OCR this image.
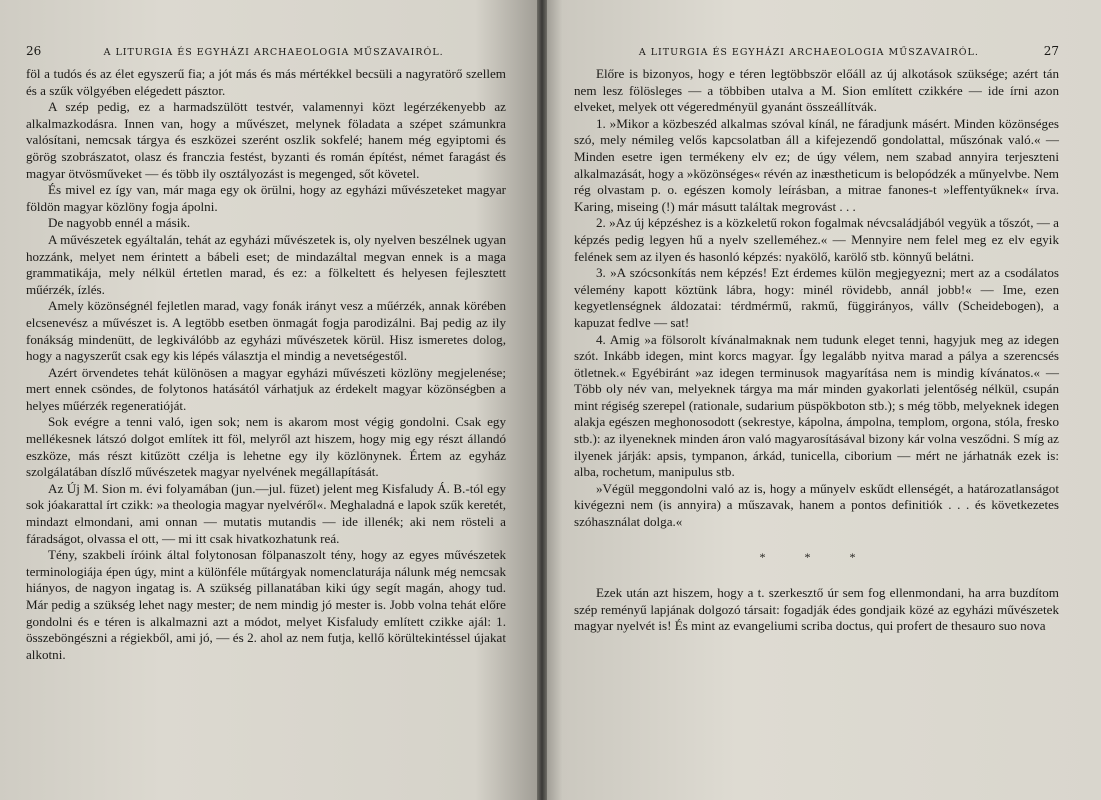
26	A LITURGIA ÉS EGYHÁZI ARCHAEOLOGIA MŰSZAVAIRÓL.

föl a tudós és az élet egyszerű fia; a jót más és más mértékkel becsüli a nagyratörő szellem és a szűk völgyében elégedett pásztor.

A szép pedig, ez a harmadszülött testvér, valamennyi közt legérzékenyebb az alkalmazkodásra. Innen van, hogy a művészet, melynek föladata a szépet számunkra valósítani, nemcsak tárgya és eszközei szerént oszlik sokfelé; hanem még egyiptomi és görög szobrászatot, olasz és franczia festést, byzanti és román építést, német faragást és magyar ötvösműveket — és több ily osztályozást is megenged, sőt követel.

És mivel ez így van, már maga egy ok örülni, hogy az egyházi művészeteket magyar földön magyar közlöny fogja ápolni.

De nagyobb ennél a másik.

A művészetek egyáltalán, tehát az egyházi művészetek is, oly nyelven beszélnek ugyan hozzánk, melyet nem érintett a bábeli eset; de mindazáltal megvan ennek is a maga grammatikája, mely nélkül értetlen marad, és ez: a fölkeltett és helyesen fejlesztett műérzék, ízlés.

Amely közönségnél fejletlen marad, vagy fonák irányt vesz a műérzék, annak körében elcsenevész a művészet is. A legtöbb esetben önmagát fogja parodizálni. Baj pedig az ily fonákság mindenütt, de legkiválóbb az egyházi művészetek körül. Hisz ismeretes dolog, hogy a nagyszerűt csak egy kis lépés választja el mindig a nevetségestől.

Azért örvendetes tehát különösen a magyar egyházi művészeti közlöny megjelenése; mert ennek csöndes, de folytonos hatásától várhatjuk az érdekelt magyar közönségben a helyes műérzék regeneratióját.

Sok evégre a tenni való, igen sok; nem is akarom most végig gondolni. Csak egy mellékesnek látszó dolgot említek itt föl, melyről azt hiszem, hogy mig egy részt állandó eszköze, más részt kitűzött czélja is lehetne egy ily közlönynek. Értem az egyház szolgálatában díszlő művészetek magyar nyelvének megállapítását.

Az Új M. Sion m. évi folyamában (jun.—jul. füzet) jelent meg Kisfaludy Á. B.-tól egy sok jóakarattal írt czikk: »a theologia magyar nyelvéről«. Meghaladná e lapok szűk keretét, mindazt elmondani, ami onnan — mutatis mutandis — ide illenék; aki nem rösteli a fáradságot, olvassa el ott, — mi itt csak hivatkozhatunk reá.

Tény, szakbeli íróink által folytonosan fölpanaszolt tény, hogy az egyes művészetek terminologiája épen úgy, mint a különféle műtárgyak nomenclaturája nálunk még nemcsak hiányos, de nagyon ingatag is. A szükség pillanatában kiki úgy segít magán, ahogy tud. Már pedig a szükség lehet nagy mester; de nem mindig jó mester is. Jobb volna tehát előre gondolni és e téren is alkalmazni azt a módot, melyet Kisfaludy említett czikke ajál: 1. összeböngészni a régiekből, ami jó, — és 2. ahol az nem futja, kellő körültekintéssel újakat alkotni.

A LITURGIA ÉS EGYHÁZI ARCHAEOLOGIA MŰSZAVAIRÓL.	27

Előre is bizonyos, hogy e téren legtöbbször előáll az új alkotások szüksége; azért tán nem lesz fölösleges — a többiben utalva a M. Sion említett czikkére — ide írni azon elveket, melyek ott végeredményül gyanánt összeállítvák.

1. »Mikor a közbeszéd alkalmas szóval kínál, ne fáradjunk másért. Minden közönséges szó, mely némileg velős kapcsolatban áll a kifejezendő gondolattal, műszónak való.« — Minden esetre igen termékeny elv ez; de úgy vélem, nem szabad annyira terjeszteni alkalmazását, hogy a »közönséges« révén az inæstheticum is belopódzék a műnyelvbe. Nem rég olvastam p. o. egészen komoly leírásban, a mitrae fanones-t »leffentyűknek« írva. Karing, miseing (!) már másutt találtak megrovást . . .

2. »Az új képzéshez is a közkeletű rokon fogalmak névcsaládjából vegyük a tőszót, — a képzés pedig legyen hű a nyelv szelleméhez.« — Mennyire nem felel meg ez elv egyik felének sem az ilyen és hasonló képzés: nyakölő, karölő stb. könnyű belátni.

3. »A szócsonkítás nem képzés! Ezt érdemes külön megjegyezni; mert az a csodálatos vélemény kapott köztünk lábra, hogy: minél rövidebb, annál jobb!« — Ime, ezen kegyetlenségnek áldozatai: térdmérmű, rakmű, függirányos, vállv (Scheidebogen), a kapuzat fedlve — sat!

4. Amig »a fölsorolt kívánalmaknak nem tudunk eleget tenni, hagyjuk meg az idegen szót. Inkább idegen, mint korcs magyar. Így legalább nyitva marad a pálya a szerencsés ötletnek.« Egyébiránt »az idegen terminusok magyarítása nem is mindig kívánatos.« — Több oly név van, melyeknek tárgya ma már minden gyakorlati jelentőség nélkül, csupán mint régiség szerepel (rationale, sudarium püspökboton stb.); s még több, melyeknek idegen alakja egészen meghonosodott (sekrestye, kápolna, ámpolna, templom, orgona, stóla, fresko stb.): az ilyeneknek minden áron való magyarosításával bizony kár volna vesződni. S míg az ilyenek járják: apsis, tympanon, árkád, tunicella, ciborium — mért ne járhatnák ezek is: alba, rochetum, manipulus stb.

»Végül meggondolni való az is, hogy a műnyelv eskűdt ellenségét, a határozatlanságot kivégezni nem (is annyira) a műszavak, hanem a pontos definitiók . . . és következetes szóhasználat dolga.«

* * *

Ezek után azt hiszem, hogy a t. szerkesztő úr sem fog ellenmondani, ha arra buzdítom szép reményű lapjának dolgozó társait: fogadják édes gondjaik közé az egyházi művészetek magyar nyelvét is! És mint az evangeliumi scriba doctus, qui profert de thesauro suo nova
